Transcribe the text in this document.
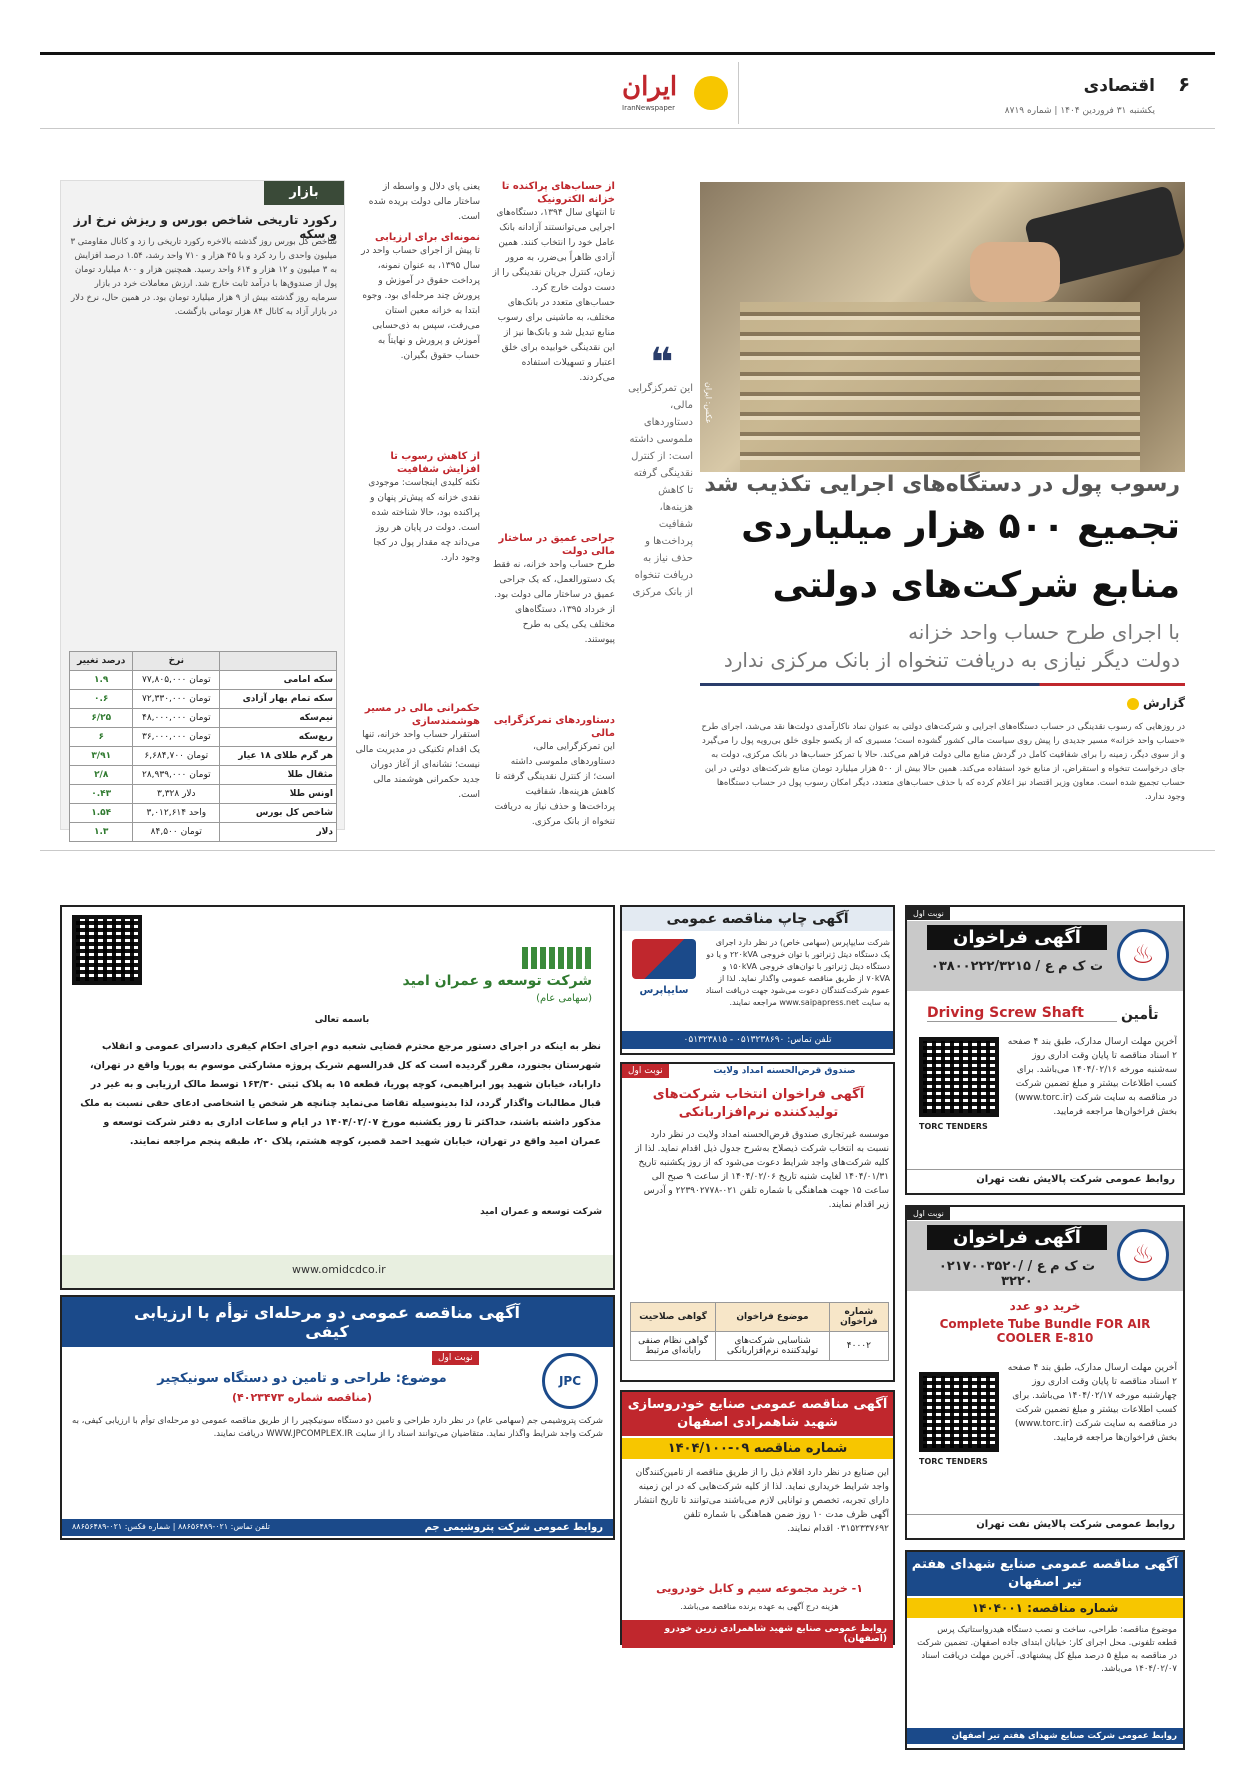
۶
اقتصادی
یکشنبه ۳۱ فروردین ۱۴۰۴ | شماره ۸۷۱۹
ایران
IranNewspaper
عکس: ایران
❝
این تمرکزگرایی مالی، دستاوردهای ملموسی داشته است: از کنترل نقدینگی گرفته تا کاهش هزینه‌ها، شفافیت پرداخت‌ها و حذف نیاز به دریافت تنخواه از بانک مرکزی
رسوب پول در دستگاه‌های اجرایی تکذیب شد
تجمیع ۵۰۰ هزار میلیاردی
منابع شرکت‌های دولتی
با اجرای طرح حساب واحد خزانه
دولت دیگر نیازی به دریافت تنخواه از بانک مرکزی ندارد
گزارش
در روزهایی که رسوب نقدینگی در حساب دستگاه‌های اجرایی و شرکت‌های دولتی به عنوان نماد ناکارآمدی دولت‌ها نقد می‌شد، اجرای طرح «حساب واحد خزانه» مسیر جدیدی را پیش روی سیاست مالی کشور گشوده است؛ مسیری که از یکسو جلوی خلق بی‌رویه پول را می‌گیرد و از سوی دیگر، زمینه را برای شفافیت کامل در گردش منابع مالی دولت فراهم می‌کند. حالا با تمرکز حساب‌ها در بانک مرکزی، دولت به جای درخواست تنخواه و استقراض، از منابع خود استفاده می‌کند. همین حالا بیش از ۵۰۰ هزار میلیارد تومان منابع شرکت‌های دولتی در این حساب تجمیع شده است. معاون وزیر اقتصاد نیز اعلام کرده که با حذف حساب‌های متعدد، دیگر امکان رسوب پول در حساب دستگاه‌ها وجود ندارد.
از حساب‌های پراکنده تا خزانه الکترونیک
تا انتهای سال ۱۳۹۴، دستگاه‌های اجرایی می‌توانستند آزادانه بانک عامل خود را انتخاب کنند. همین آزادی ظاهراً بی‌ضرر، به مرور زمان، کنترل جریان نقدینگی را از دست دولت خارج کرد. حساب‌های متعدد در بانک‌های مختلف، به ماشینی برای رسوب منابع تبدیل شد و بانک‌ها نیز از این نقدینگی خوابیده برای خلق اعتبار و تسهیلات استفاده می‌کردند.
جراحی عمیق در ساختار مالی دولت
طرح حساب واحد خزانه، نه فقط یک دستورالعمل، که یک جراحی عمیق در ساختار مالی دولت بود. از خرداد ۱۳۹۵، دستگاه‌های مختلف یکی یکی به طرح پیوستند.
دستاوردهای تمرکزگرایی مالی
این تمرکزگرایی مالی، دستاوردهای ملموسی داشته است؛ از کنترل نقدینگی گرفته تا کاهش هزینه‌ها، شفافیت پرداخت‌ها و حذف نیاز به دریافت تنخواه از بانک مرکزی.
یعنی پای دلال و واسطه از ساختار مالی دولت بریده شده است.
نمونه‌ای برای ارزیابی
تا پیش از اجرای حساب واحد در سال ۱۳۹۵، به عنوان نمونه، پرداخت حقوق در آموزش و پرورش چند مرحله‌ای بود. وجوه ابتدا به خزانه معین استان می‌رفت، سپس به ذی‌حسابی آموزش و پرورش و نهایتاً به حساب حقوق بگیران.
از کاهش رسوب تا افزایش شفافیت
نکته کلیدی اینجاست: موجودی نقدی خزانه که پیش‌تر پنهان و پراکنده بود، حالا شناخته شده است. دولت در پایان هر روز می‌داند چه مقدار پول در کجا وجود دارد.
حکمرانی مالی در مسیر هوشمندسازی
استقرار حساب واحد خزانه، تنها یک اقدام تکنیکی در مدیریت مالی نیست؛ نشانه‌ای از آغاز دوران جدید حکمرانی هوشمند مالی است.
بازار
رکورد تاریخی شاخص بورس و ریزش نرخ ارز و سکه
شاخص کل بورس روز گذشته بالاخره رکورد تاریخی را زد و کانال مقاومتی ۳ میلیون واحدی را رد کرد و با ۴۵ هزار و ۷۱۰ واحد رشد، ۱.۵۴ درصد افزایش به ۳ میلیون و ۱۲ هزار و ۶۱۴ واحد رسید. همچنین هزار و ۸۰۰ میلیارد تومان پول از صندوق‌ها با درآمد ثابت خارج شد. ارزش معاملات خرد در بازار سرمایه روز گذشته بیش از ۹ هزار میلیارد تومان بود. در همین حال، نرخ دلار در بازار آزاد به کانال ۸۴ هزار تومانی بازگشت.
درصد تغییر	نرخ	
۱.۹	۷۷,۸۰۵,۰۰۰ تومان	سکه امامی
۰.۶	۷۲,۳۳۰,۰۰۰ تومان	سکه تمام بهار آزادی
۶/۲۵	۴۸,۰۰۰,۰۰۰ تومان	نیم‌سکه
۶	۳۶,۰۰۰,۰۰۰ تومان	ربع‌سکه
۳/۹۱	۶,۶۸۴,۷۰۰ تومان	هر گرم طلای ۱۸ عیار
۲/۸	۲۸,۹۳۹,۰۰۰ تومان	مثقال طلا
۰.۴۳	۳,۳۲۸ دلار	اونس طلا
۱.۵۴	۳,۰۱۲,۶۱۴ واحد	شاخص کل بورس
۱.۳	۸۴,۵۰۰ تومان	دلار
نوبت اول
♨
آگهی فراخوان
۰۳۸۰۰۲۲۲/ت ک م ع / ۳۲۱۵
تأمین
Driving Screw Shaft
آخرین مهلت ارسال مدارک، طبق بند ۴ صفحه ۲ اسناد مناقصه تا پایان وقت اداری روز سه‌شنبه مورخه ۱۴۰۴/۰۲/۱۶ می‌باشد. برای کسب اطلاعات بیشتر و مبلغ تضمین شرکت در مناقصه به سایت شرکت (www.torc.ir) بخش فراخوان‌ها مراجعه فرمایید.
TORC TENDERS
روابط عمومی شرکت پالایش نفت تهران
نوبت اول
♨
آگهی فراخوان
۰۲۱۷۰۰۳۵۲۰/ ت ک م ع / ۳۲۲۰
خرید دو عدد
Complete Tube Bundle FOR AIR COOLER E-810
آخرین مهلت ارسال مدارک، طبق بند ۴ صفحه ۲ اسناد مناقصه تا پایان وقت اداری روز چهارشنبه مورخه ۱۴۰۴/۰۲/۱۷ می‌باشد. برای کسب اطلاعات بیشتر و مبلغ تضمین شرکت در مناقصه به سایت شرکت (www.torc.ir) بخش فراخوان‌ها مراجعه فرمایید.
TORC TENDERS
روابط عمومی شرکت پالایش نفت تهران
آگهی چاپ مناقصه عمومی
سایپاپرس
شرکت سایپاپرس (سهامی خاص) در نظر دارد اجرای یک دستگاه دیتل ژنراتور با توان خروجی ۲۲۰kVA و یا دو دستگاه دیتل ژنراتور با توان‌های خروجی ۱۵۰kVA و ۷۰kVA از طریق مناقصه عمومی واگذار نماید. لذا از عموم شرکت‌کنندگان دعوت می‌شود جهت دریافت اسناد به سایت www.saipapress.net مراجعه نمایند.
تلفن تماس: ۰۵۱۳۲۳۸۶۹۰ - ۰۵۱۳۲۳۸۱۵
نوبت اول	صندوق قرض‌الحسنه امداد ولایت
آگهی فراخوان انتخاب شرکت‌های تولیدکننده نرم‌افزاربانکی
موسسه غیرتجاری صندوق قرض‌الحسنه امداد ولایت در نظر دارد نسبت به انتخاب شرکت ذیصلاح به‌شرح جدول ذیل اقدام نماید. لذا از کلیه شرکت‌های واجد شرایط دعوت می‌شود که از روز یکشنبه تاریخ ۱۴۰۴/۰۱/۳۱ لغایت شنبه تاریخ ۱۴۰۴/۰۲/۰۶ از ساعت ۹ صبح الی ساعت ۱۵ جهت هماهنگی با شماره تلفن ۰۲۱-۲۲۳۹۰۲۷۷۸ و آدرس زیر اقدام نمایند.
گواهی صلاحیت	موضوع فراخوان	شماره فراخوان
گواهی نظام صنفی رایانه‌ای مرتبط	شناسایی شرکت‌های تولیدکننده نرم‌افزاربانکی	۴۰۰۰۲
آگهی مناقصه عمومی دو مرحله‌ای توأم با ارزیابی کیفی
JPC
نوبت اول
موضوع: طراحی و تامین دو دستگاه سونیکچیر
(مناقصه شماره ۴۰۲۳۴۷۳)
شرکت پتروشیمی جم (سهامی عام) در نظر دارد طراحی و تامین دو دستگاه سونیکچیر را از طریق مناقصه عمومی دو مرحله‌ای توأم با ارزیابی کیفی، به شرکت واجد شرایط واگذار نماید. متقاضیان می‌توانند اسناد را از سایت WWW.JPCOMPLEX.IR دریافت نمایند.
روابط عمومی شرکت پتروشیمی جم
تلفن تماس: ۰۲۱-۸۸۶۵۶۴۸۹ | شماره فکس: ۰۲۱-۸۸۶۵۶۴۸۹
آگهی مناقصه عمومی صنایع خودروسازی شهید شاهمرادی اصفهان
شماره مناقصه ۰۹-۱۴۰۴/۱۰۰
این صنایع در نظر دارد اقلام ذیل را از طریق مناقصه از تامین‌کنندگان واجد شرایط خریداری نماید. لذا از کلیه شرکت‌هایی که در این زمینه دارای تجربه، تخصص و توانایی لازم می‌باشند می‌توانند تا تاریخ انتشار آگهی ظرف مدت ۱۰ روز ضمن هماهنگی با شماره تلفن ۰۳۱۵۲۳۳۷۶۹۲ اقدام نمایند.
۱- خرید مجموعه سیم و کابل خودرویی
هزینه درج آگهی به عهده برنده مناقصه می‌باشد.
روابط عمومی صنایع شهید شاهمرادی زرین خودرو (اصفهان)
آگهی مناقصه عمومی صنایع شهدای هفتم تیر اصفهان
شماره مناقصه: ۱۴۰۴۰۰۱
موضوع مناقصه: طراحی، ساخت و نصب دستگاه هیدرواستاتیک پرس قطعه تلفونی. محل اجرای کار: خیابان ابتدای جاده اصفهان. تضمین شرکت در مناقصه به مبلغ ۵ درصد مبلغ کل پیشنهادی. آخرین مهلت دریافت اسناد ۱۴۰۴/۰۲/۰۷ می‌باشد.
روابط عمومی شرکت صنایع شهدای هفتم تیر اصفهان
شرکت توسعه و عمران امید
(سهامی عام)
باسمه تعالی
نظر به اینکه در اجرای دستور مرجع محترم قضایی شعبه دوم اجرای احکام کیفری دادسرای عمومی و انقلاب شهرستان بجنورد، مقرر گردیده است که کل قدرالسهم شریک پروژه مشارکتی موسوم به پوریا واقع در تهران، داراباد، خیابان شهید پور ابراهیمی، کوچه پوریا، قطعه ۱۵ به پلاک ثبتی ۱۶۳/۳۰ توسط مالک ارزیابی و به غیر در قبال مطالبات واگذار گردد، لذا بدینوسیله تقاضا می‌نماید چنانچه هر شخص یا اشخاصی ادعای حقی نسبت به ملک مذکور داشته باشند، حداکثر تا روز یکشنبه مورخ ۱۴۰۴/۰۲/۰۷ در ایام و ساعات اداری به دفتر شرکت توسعه و عمران امید واقع در تهران، خیابان شهید احمد قصیر، کوچه هشتم، پلاک ۲۰، طبقه پنجم مراجعه نمایند.
شرکت توسعه و عمران امید
www.omidcdco.ir
